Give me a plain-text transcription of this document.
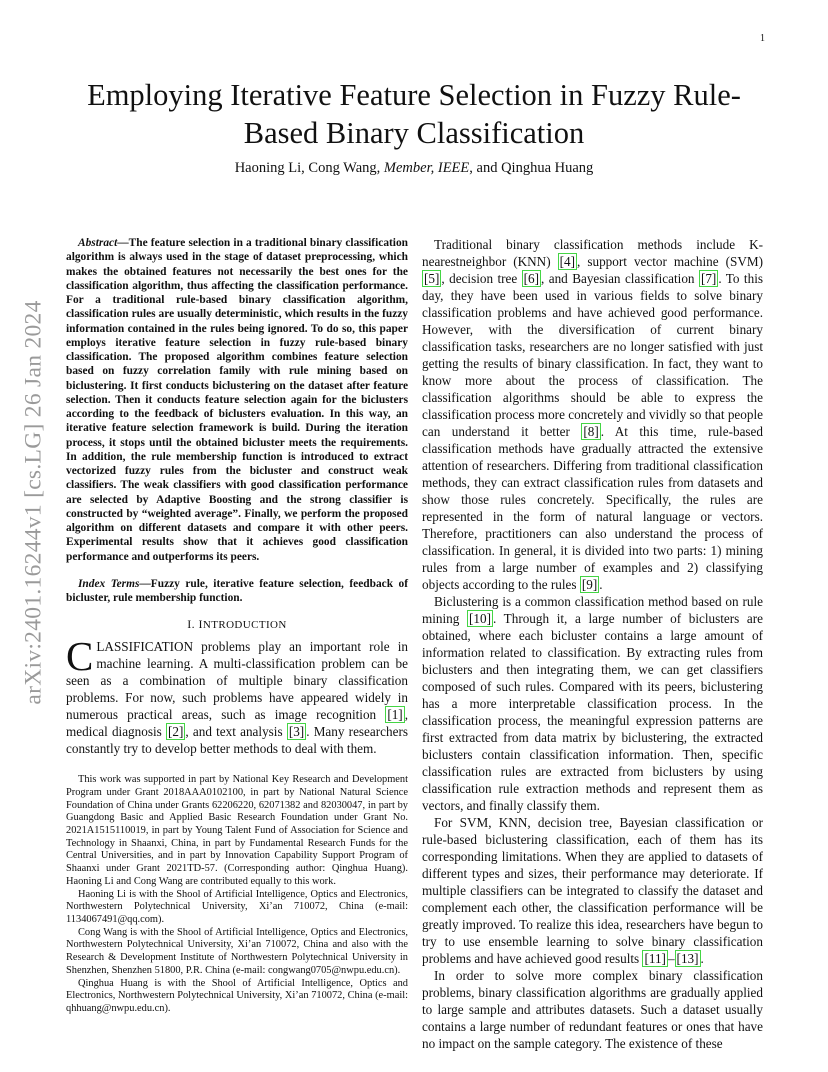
1
arXiv:2401.16244v1 [cs.LG] 26 Jan 2024
Employing Iterative Feature Selection in Fuzzy Rule-Based Binary Classification
Haoning Li, Cong Wang, Member, IEEE, and Qinghua Huang

Abstract—The feature selection in a traditional binary classification algorithm is always used in the stage of dataset preprocessing, which makes the obtained features not necessarily the best ones for the classification algorithm, thus affecting the classification performance. For a traditional rule-based binary classification algorithm, classification rules are usually deterministic, which results in the fuzzy information contained in the rules being ignored. To do so, this paper employs iterative feature selection in fuzzy rule-based binary classification. The proposed algorithm combines feature selection based on fuzzy correlation family with rule mining based on biclustering. It first conducts biclustering on the dataset after feature selection. Then it conducts feature selection again for the biclusters according to the feedback of biclusters evaluation. In this way, an iterative feature selection framework is build. During the iteration process, it stops until the obtained bicluster meets the requirements. In addition, the rule membership function is introduced to extract vectorized fuzzy rules from the bicluster and construct weak classifiers. The weak classifiers with good classification performance are selected by Adaptive Boosting and the strong classifier is constructed by “weighted average”. Finally, we perform the proposed algorithm on different datasets and compare it with other peers. Experimental results show that it achieves good classification performance and outperforms its peers.

Index Terms—Fuzzy rule, iterative feature selection, feedback of bicluster, rule membership function.

I. INTRODUCTION

CLASSIFICATION problems play an important role in machine learning. A multi-classification problem can be seen as a combination of multiple binary classification problems. For now, such problems have appeared widely in numerous practical areas, such as image recognition [1] , medical diagnosis [2] , and text analysis [3] . Many researchers constantly try to develop better methods to deal with them.

This work was supported in part by National Key Research and Development Program under Grant 2018AAA0102100, in part by National Natural Science Foundation of China under Grants 62206220, 62071382 and 82030047, in part by Guangdong Basic and Applied Basic Research Foundation under Grant No. 2021A1515110019, in part by Young Talent Fund of Association for Science and Technology in Shaanxi, China, in part by Fundamental Research Funds for the Central Universities, and in part by Innovation Capability Support Program of Shaanxi under Grant 2021TD-57. (Corresponding author: Qinghua Huang). Haoning Li and Cong Wang are contributed equally to this work.

Haoning Li is with the Shool of Artificial Intelligence, Optics and Electronics, Northwestern Polytechnical University, Xi’an 710072, China (e-mail: 1134067491@qq.com).

Cong Wang is with the Shool of Artificial Intelligence, Optics and Electronics, Northwestern Polytechnical University, Xi’an 710072, China and also with the Research & Development Institute of Northwestern Polytechnical University in Shenzhen, Shenzhen 51800, P.R. China (e-mail: congwang0705@nwpu.edu.cn).

Qinghua Huang is with the Shool of Artificial Intelligence, Optics and Electronics, Northwestern Polytechnical University, Xi’an 710072, China (e-mail: qhhuang@nwpu.edu.cn).

Traditional binary classification methods include K-nearestneighbor (KNN) [4] , support vector machine (SVM) [5] , decision tree [6] , and Bayesian classification [7] . To this day, they have been used in various fields to solve binary classification problems and have achieved good performance. However, with the diversification of current binary classification tasks, researchers are no longer satisfied with just getting the results of binary classification. In fact, they want to know more about the process of classification. The classification algorithms should be able to express the classification process more concretely and vividly so that people can understand it better [8] . At this time, rule-based classification methods have gradually attracted the extensive attention of researchers. Differing from traditional classification methods, they can extract classification rules from datasets and show those rules concretely. Specifically, the rules are represented in the form of natural language or vectors. Therefore, practitioners can also understand the process of classification. In general, it is divided into two parts: 1) mining rules from a large number of examples and 2) classifying objects according to the rules [9] .

Biclustering is a common classification method based on rule mining [10] . Through it, a large number of biclusters are obtained, where each bicluster contains a large amount of information related to classification. By extracting rules from biclusters and then integrating them, we can get classifiers composed of such rules. Compared with its peers, biclustering has a more interpretable classification process. In the classification process, the meaningful expression patterns are first extracted from data matrix by biclustering, the extracted biclusters contain classification information. Then, specific classification rules are extracted from biclusters by using classification rule extraction methods and represent them as vectors, and finally classify them.

For SVM, KNN, decision tree, Bayesian classification or rule-based biclustering classification, each of them has its corresponding limitations. When they are applied to datasets of different types and sizes, their performance may deteriorate. If multiple classifiers can be integrated to classify the dataset and complement each other, the classification performance will be greatly improved. To realize this idea, researchers have begun to try to use ensemble learning to solve binary classification problems and have achieved good results [11] – [13] .

In order to solve more complex binary classification problems, binary classification algorithms are gradually applied to large sample and attributes datasets. Such a dataset usually contains a large number of redundant features or ones that have no impact on the sample category. The existence of these
